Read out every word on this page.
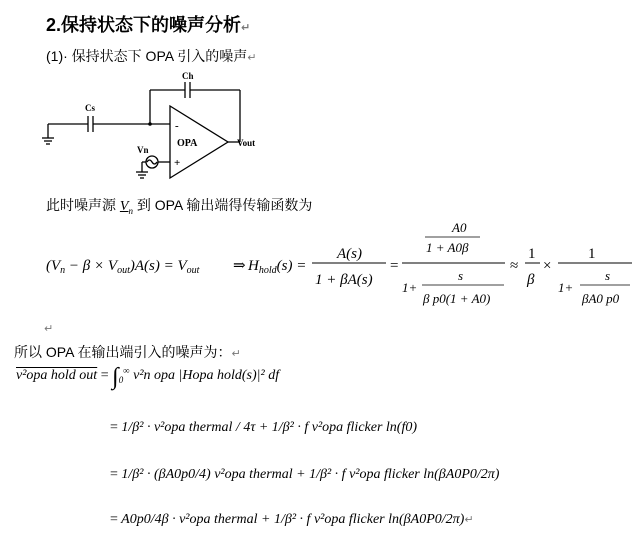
2.保持状态下的噪声分析↵
(1)· 保持状态下 OPA 引入的噪声↵
Cs
Ch
Vn
Vout
OPA
-
+
此时噪声源 $V_n$ 到 OPA 输出端得传输函数为
$(V_n - \beta \times V_{out})A(s) = V_{out}$ ⇒ $H_{hold}(s)$ =
A(s)
1 + βA(s)
=
A0
1 + A0β
1+
s
β p0(1 + A0)
≈
1
β
×
1
1+
s
βA0 p0
↵
所以 OPA 在输出端引入的噪声为：↵
v²opa hold out = $\int_0^\infty$ v²n opa |Hopa hold(s)|² df
= 1/β² · v²opa thermal / 4τ + 1/β² · f v²opa flicker ln(f0)
= 1/β² · (βA0p0/4) v²opa thermal + 1/β² · f v²opa flicker ln(βA0P0/2π)
= A0p0/4β · v²opa thermal + 1/β² · f v²opa flicker ln(βA0P0/2π)↵
